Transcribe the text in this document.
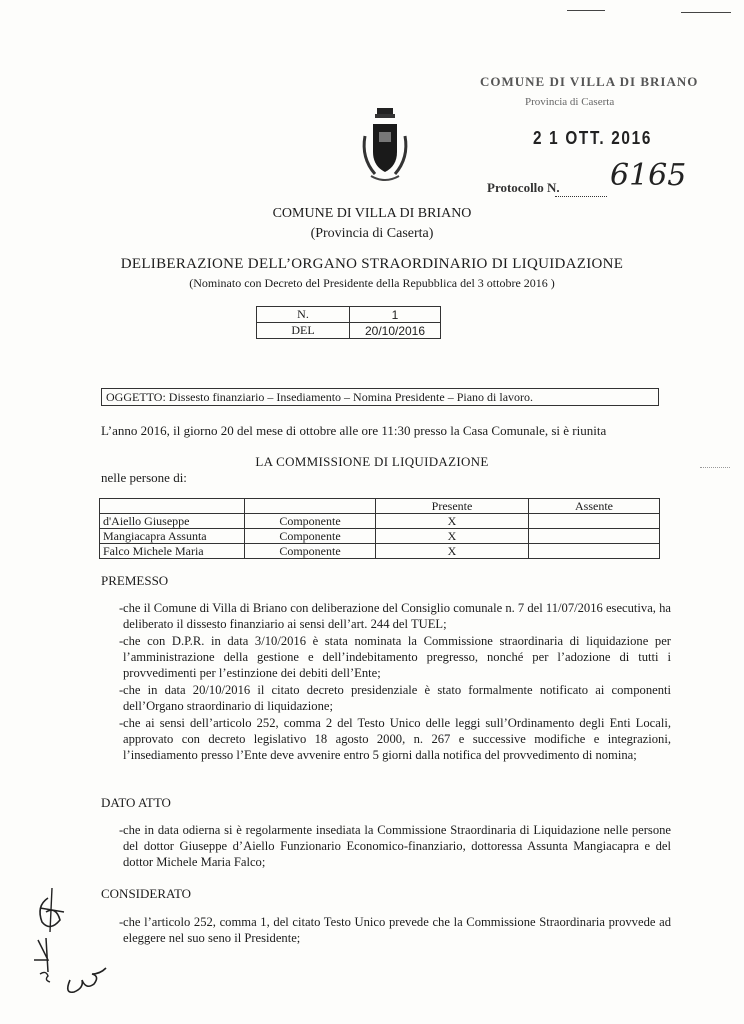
COMUNE DI VILLA DI BRIANO
Provincia di Caserta
2 1 OTT. 2016
Protocollo N. 6165
COMUNE DI VILLA DI BRIANO
(Provincia di Caserta)
DELIBERAZIONE DELL’ORGANO STRAORDINARIO DI LIQUIDAZIONE
(Nominato con Decreto del Presidente della Repubblica del 3 ottobre 2016 )
N.	1
DEL	20/10/2016
OGGETTO: Dissesto finanziario – Insediamento – Nomina Presidente – Piano di lavoro.
L’anno 2016, il giorno 20 del mese di ottobre alle ore 11:30 presso la Casa Comunale, si è riunita
LA COMMISSIONE DI LIQUIDAZIONE
nelle persone di:
		Presente	Assente
d'Aiello Giuseppe	Componente	X	
Mangiacapra Assunta	Componente	X	
Falco Michele Maria	Componente	X	
PREMESSO
- che il Comune di Villa di Briano con deliberazione del Consiglio comunale n. 7 del 11/07/2016 esecutiva, ha deliberato il dissesto finanziario ai sensi dell’art. 244 del TUEL;
- che con D.P.R. in data 3/10/2016 è stata nominata la Commissione straordinaria di liquidazione per l’amministrazione della gestione e dell’indebitamento pregresso, nonché per l’adozione di tutti i provvedimenti per l’estinzione dei debiti dell’Ente;
- che in data 20/10/2016 il citato decreto presidenziale è stato formalmente notificato ai componenti dell’Organo straordinario di liquidazione;
- che ai sensi dell’articolo 252, comma 2 del Testo Unico delle leggi sull’Ordinamento degli Enti Locali, approvato con decreto legislativo 18 agosto 2000, n. 267 e successive modifiche e integrazioni, l’insediamento presso l’Ente deve avvenire entro 5 giorni dalla notifica del provvedimento di nomina;
DATO ATTO
- che in data odierna si è regolarmente insediata la Commissione Straordinaria di Liquidazione nelle persone del dottor Giuseppe d’Aiello Funzionario Economico-finanziario, dottoressa Assunta Mangiacapra e del dottor Michele Maria Falco;
CONSIDERATO
- che l’articolo 252, comma 1, del citato Testo Unico prevede che la Commissione Straordinaria provvede ad eleggere nel suo seno il Presidente;
